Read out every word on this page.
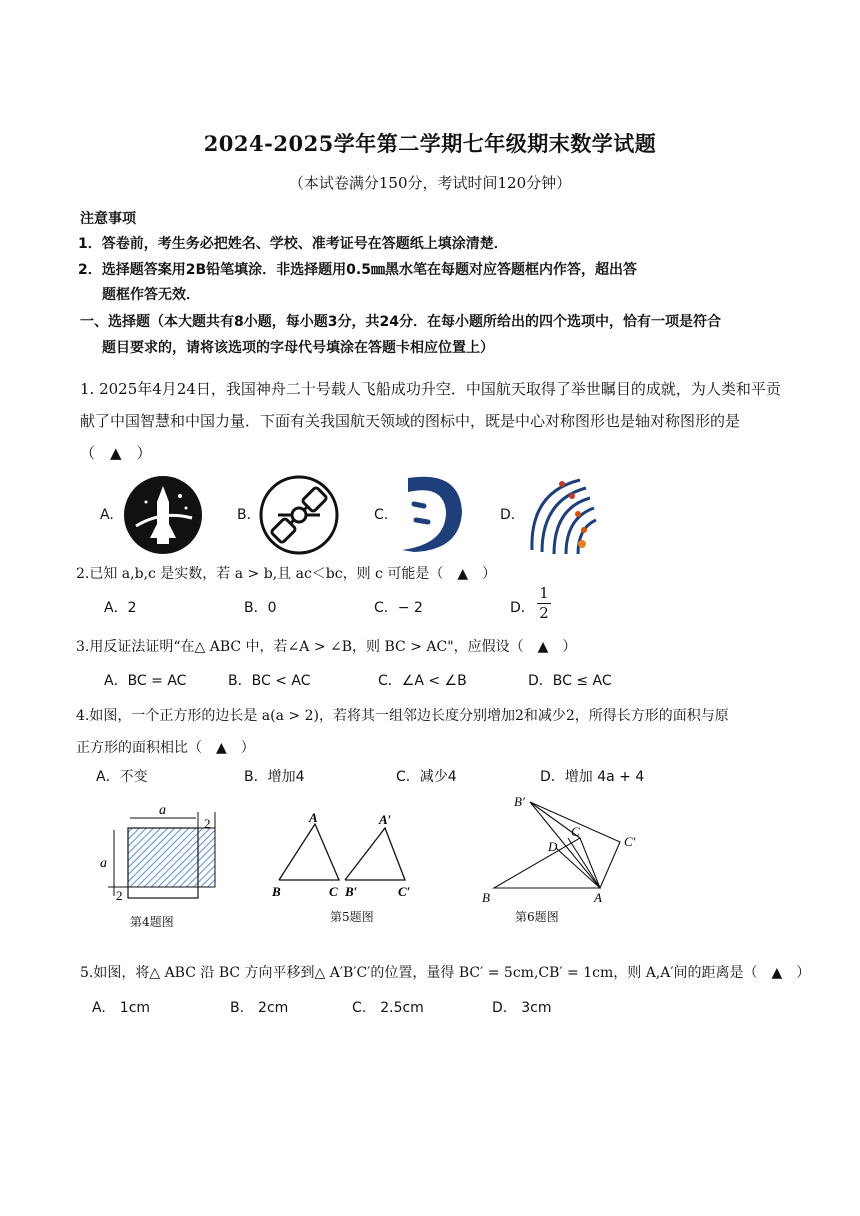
2024-2025学年第二学期七年级期末数学试题
（本试卷满分150分，考试时间120分钟）
注意事项
1．答卷前，考生务必把姓名、学校、准考证号在答题纸上填涂清楚．
2．选择题答案用2B铅笔填涂．非选择题用0.5㎜黑水笔在每题对应答题框内作答，超出答
题框作答无效．
一、选择题（本大题共有8小题，每小题3分，共24分．在每小题所给出的四个选项中，恰有一项是符合
题目要求的，请将该选项的字母代号填涂在答题卡相应位置上）
1. 2025年4月24日，我国神舟二十号载人飞船成功升空．中国航天取得了举世瞩目的成就，为人类和平贡
献了中国智慧和中国力量．下面有关我国航天领域的图标中，既是中心对称图形也是轴对称图形的是
（　▲　）
A.	B.	C.	D.
2.已知 a,b,c 是实数，若 a > b,且 ac＜bc，则 c 可能是（　▲　）
A．2	B．0	C．− 2	D． $\frac{1}{2}$
3.用反证法证明“在△ ABC 中，若∠A > ∠B，则 BC > AC"，应假设（　▲　）
A．BC = AC	B．BC < AC	C．∠A < ∠B	D．BC ≤ AC
4.如图，一个正方形的边长是 a(a > 2)，若将其一组邻边长度分别增加2和减少2，所得长方形的面积与原
正方形的面积相比（　▲　）
A．不变	B．增加4	C．减少4	D．增加 4a + 4
a
a
2
2
第4题图
A	A′
B	C B′	C′
第5题图
B′
C
C′
D
B	A
第6题图
5.如图，将△ ABC 沿 BC 方向平移到△ A′B′C′的位置，量得 BC′ = 5cm,CB′ = 1cm，则 A,A′间的距离是（　▲　）
A.　1cm	B.　2cm	C.　2.5cm	D.　3cm
